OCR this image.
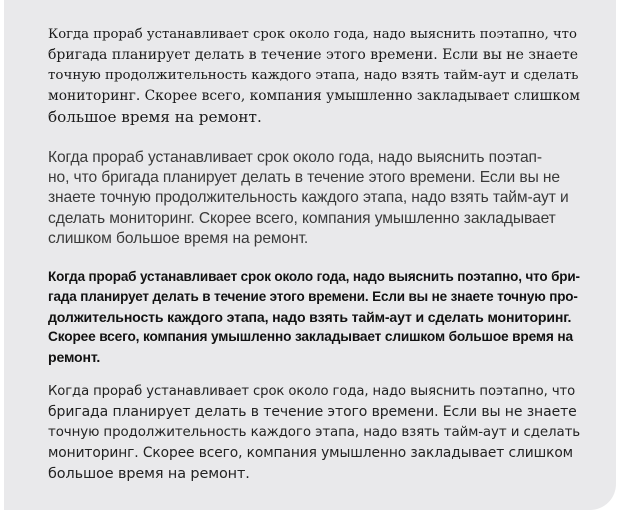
Когда прораб устанавливает срок около года, надо выяснить поэтапно, что
бригада планирует делать в течение этого времени. Если вы не знаете
точную продолжительность каждого этапа, надо взять тайм-аут и сделать
мониторинг. Скорее всего, компания умышленно закладывает слишком
большое время на ремонт.

Когда прораб устанавливает срок около года, надо выяснить поэтап-
но, что бригада планирует делать в течение этого времени. Если вы не
знаете точную продолжительность каждого этапа, надо взять тайм-аут и
сделать мониторинг. Скорее всего, компания умышленно закладывает
слишком большое время на ремонт.

Когда прораб устанавливает срок около года, надо выяснить поэтапно, что бри-
гада планирует делать в течение этого времени. Если вы не знаете точную про-
должительность каждого этапа, надо взять тайм-аут и сделать мониторинг.
Скорее всего, компания умышленно закладывает слишком большое время на
ремонт.

Когда прораб устанавливает срок около года, надо выяснить поэтапно, что
бригада планирует делать в течение этого времени. Если вы не знаете
точную продолжительность каждого этапа, надо взять тайм-аут и сделать
мониторинг. Скорее всего, компания умышленно закладывает слишком
большое время на ремонт.
